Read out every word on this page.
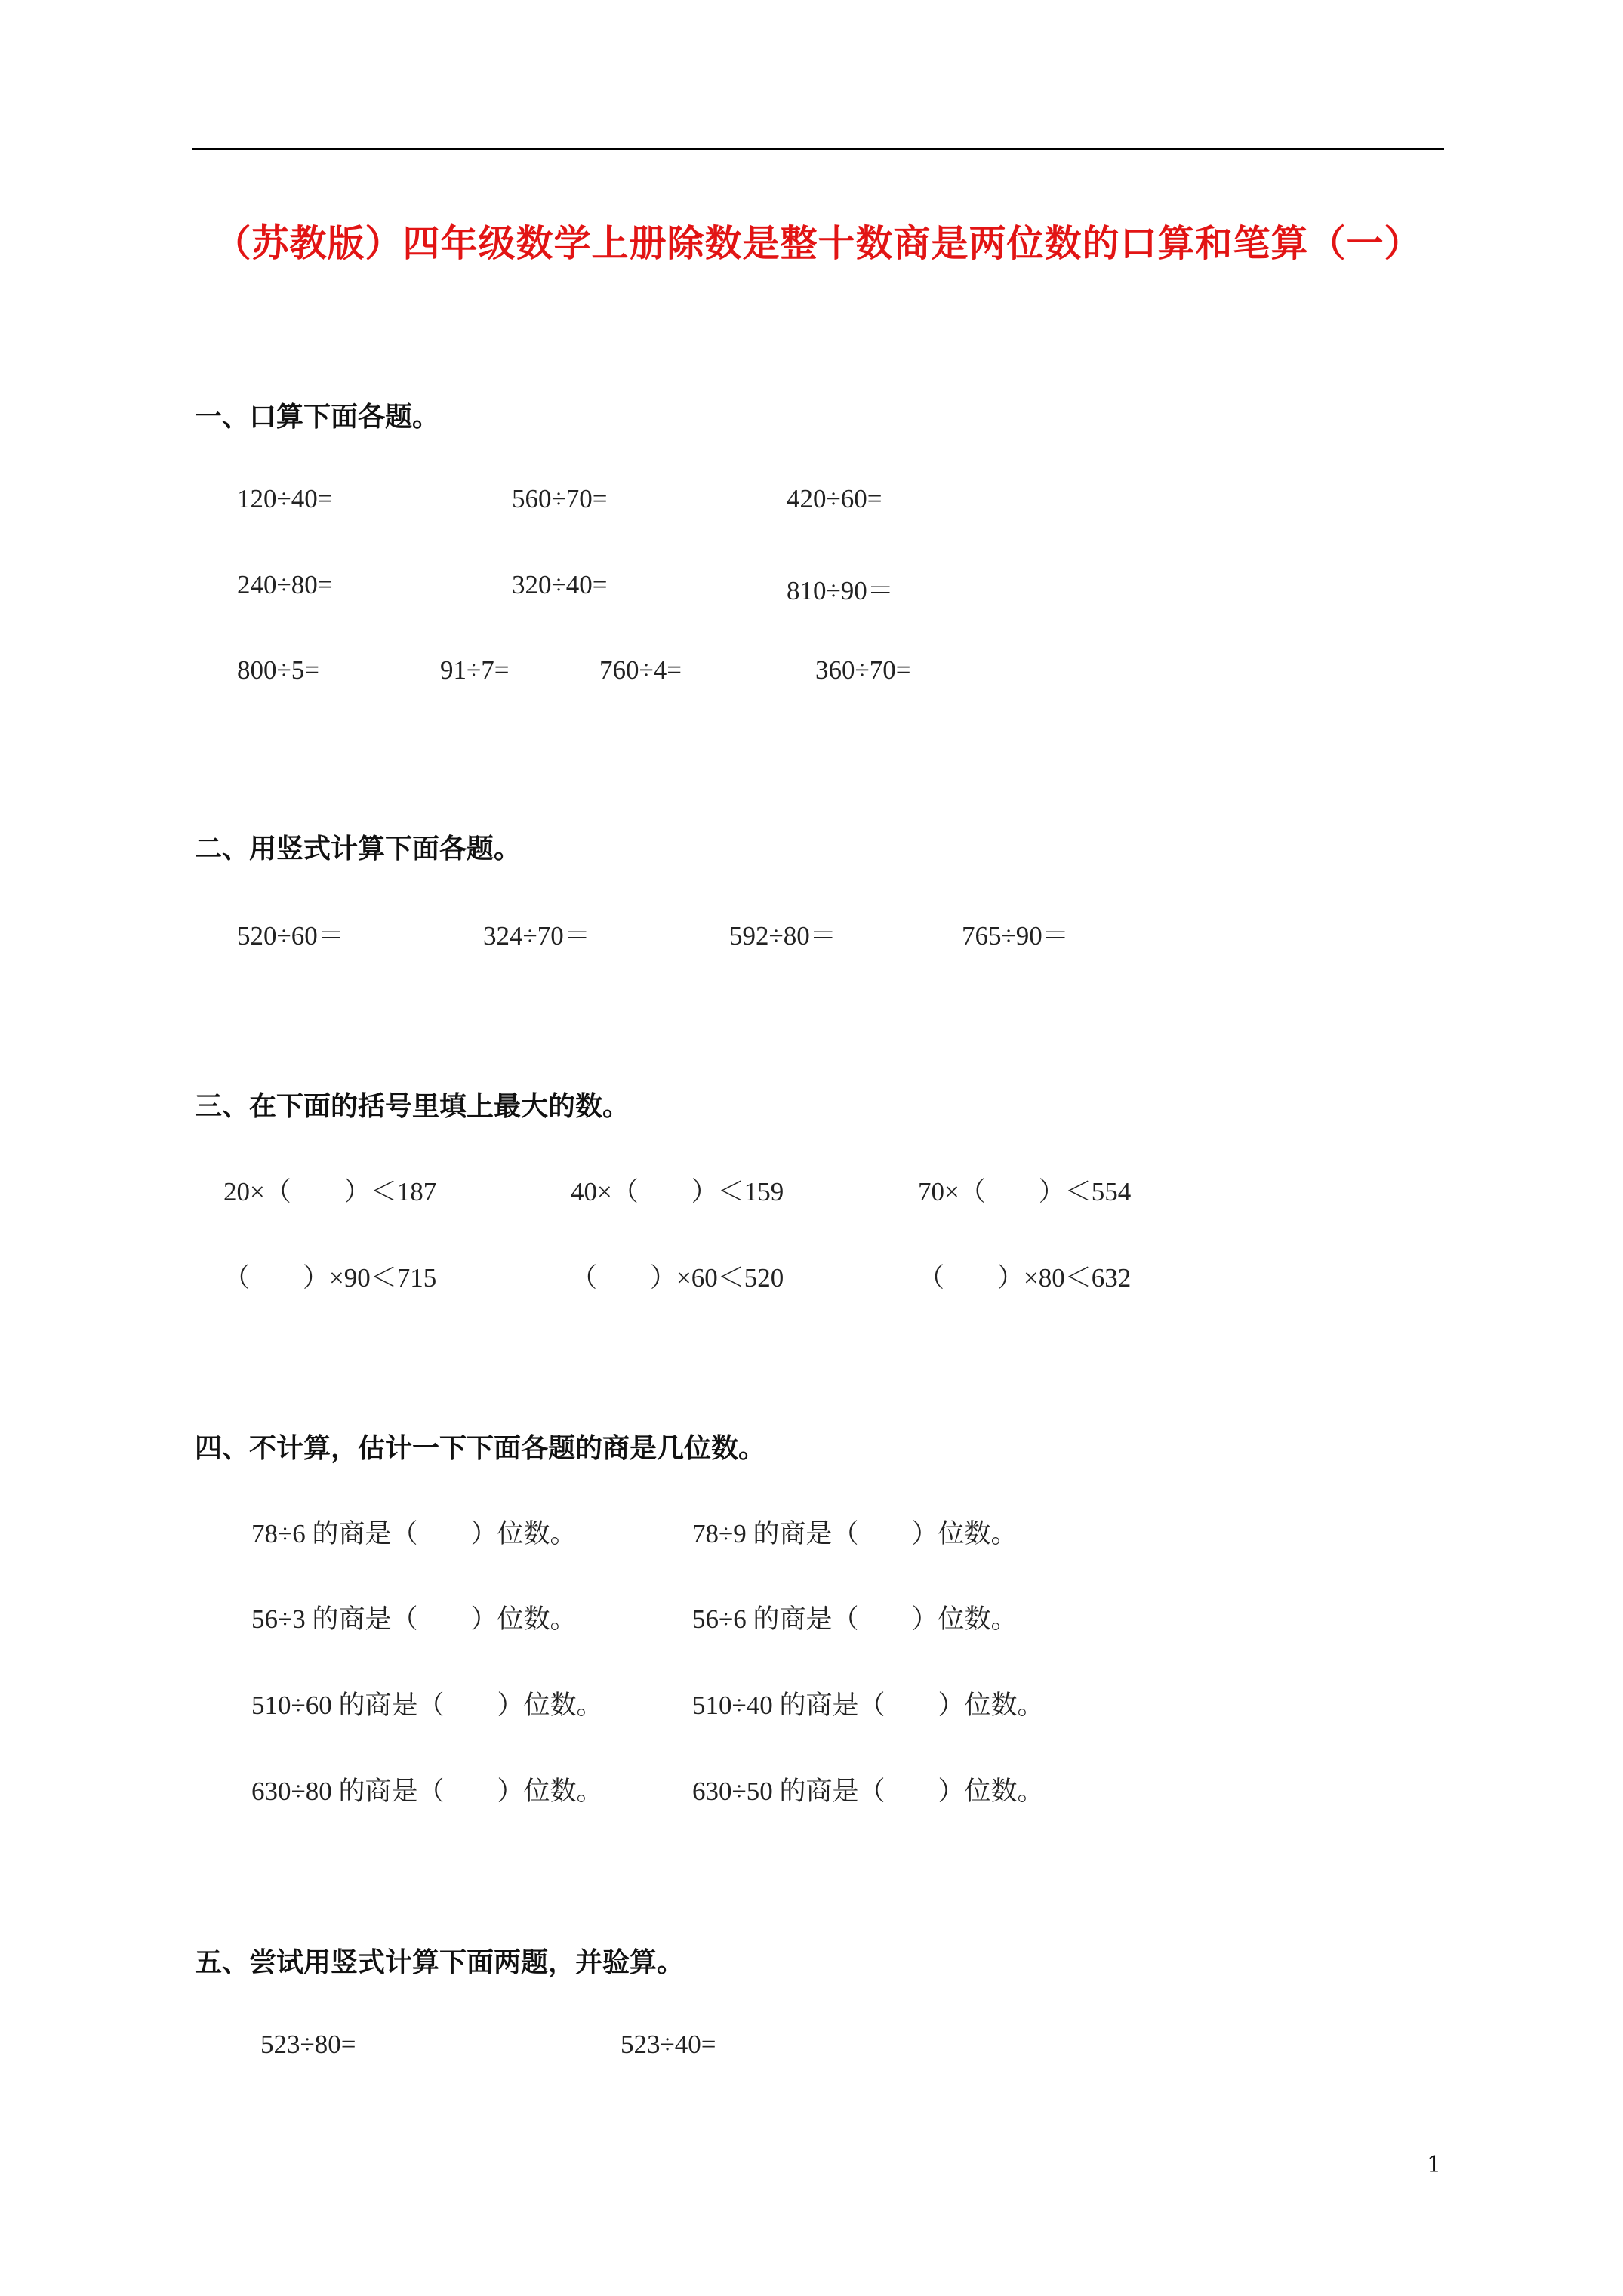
（苏教版）四年级数学上册除数是整十数商是两位数的口算和笔算（一）
一、口算下面各题。
120÷40=	560÷70=	420÷60=
240÷80=	320÷40=	810÷90＝
800÷5=	91÷7=	760÷4=	360÷70=
二、用竖式计算下面各题。
520÷60＝	324÷70＝	592÷80＝	765÷90＝
三、在下面的括号里填上最大的数。
20×（　　）＜187	40×（　　）＜159	70×（　　）＜554
（　　）×90＜715	（　　）×60＜520	（　　）×80＜632
四、不计算，估计一下下面各题的商是几位数。
78÷6 的商是（　　）位数。	78÷9 的商是（　　）位数。
56÷3 的商是（　　）位数。	56÷6 的商是（　　）位数。
510÷60 的商是（　　）位数。	510÷40 的商是（　　）位数。
630÷80 的商是（　　）位数。	630÷50 的商是（　　）位数。
五、尝试用竖式计算下面两题，并验算。
523÷80=	523÷40=
1
